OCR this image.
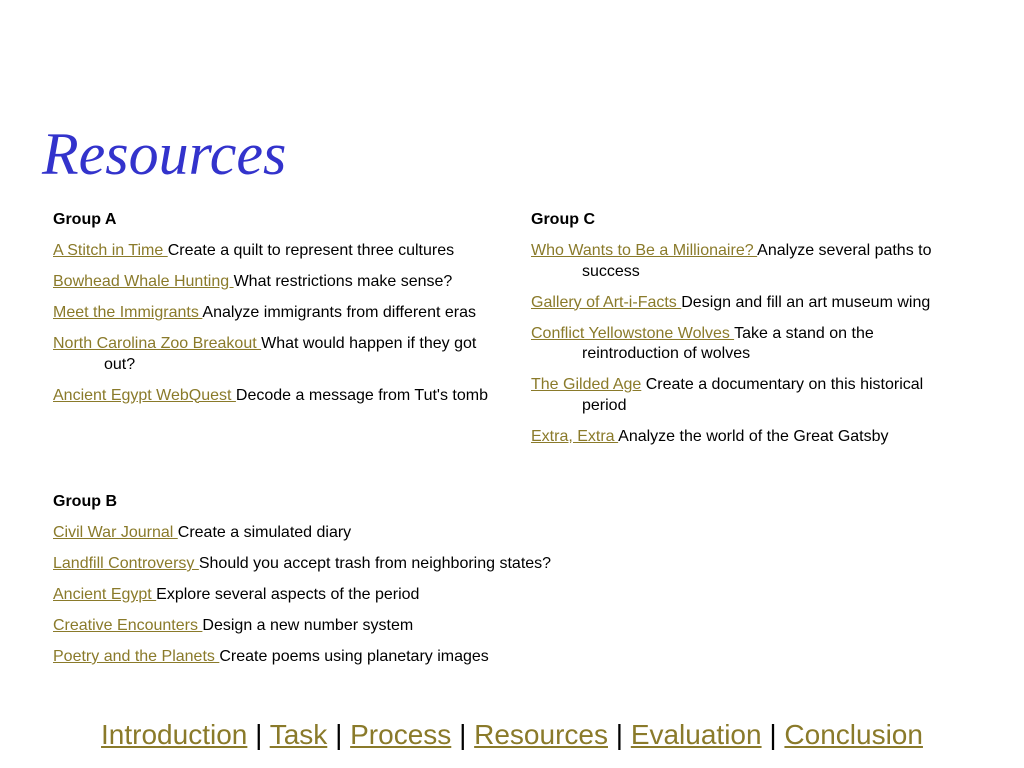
Resources
Group A
A Stitch in Time Create a quilt to represent three cultures
Bowhead Whale Hunting What restrictions make sense?
Meet the Immigrants Analyze immigrants from different eras
North Carolina Zoo Breakout What would happen if they got out?
Ancient Egypt WebQuest Decode a message from Tut's tomb
Group C
Who Wants to Be a Millionaire? Analyze several paths to success
Gallery of Art-i-Facts Design and fill an art museum wing
Conflict Yellowstone Wolves Take a stand on the reintroduction of wolves
The Gilded Age Create a documentary on this historical period
Extra, Extra Analyze the world of the Great Gatsby
Group B
Civil War Journal Create a simulated diary
Landfill Controversy Should you accept trash from neighboring states?
Ancient Egypt Explore several aspects of the period
Creative Encounters Design a new number system
Poetry and the Planets Create poems using planetary images
Introduction | Task | Process | Resources | Evaluation | Conclusion
